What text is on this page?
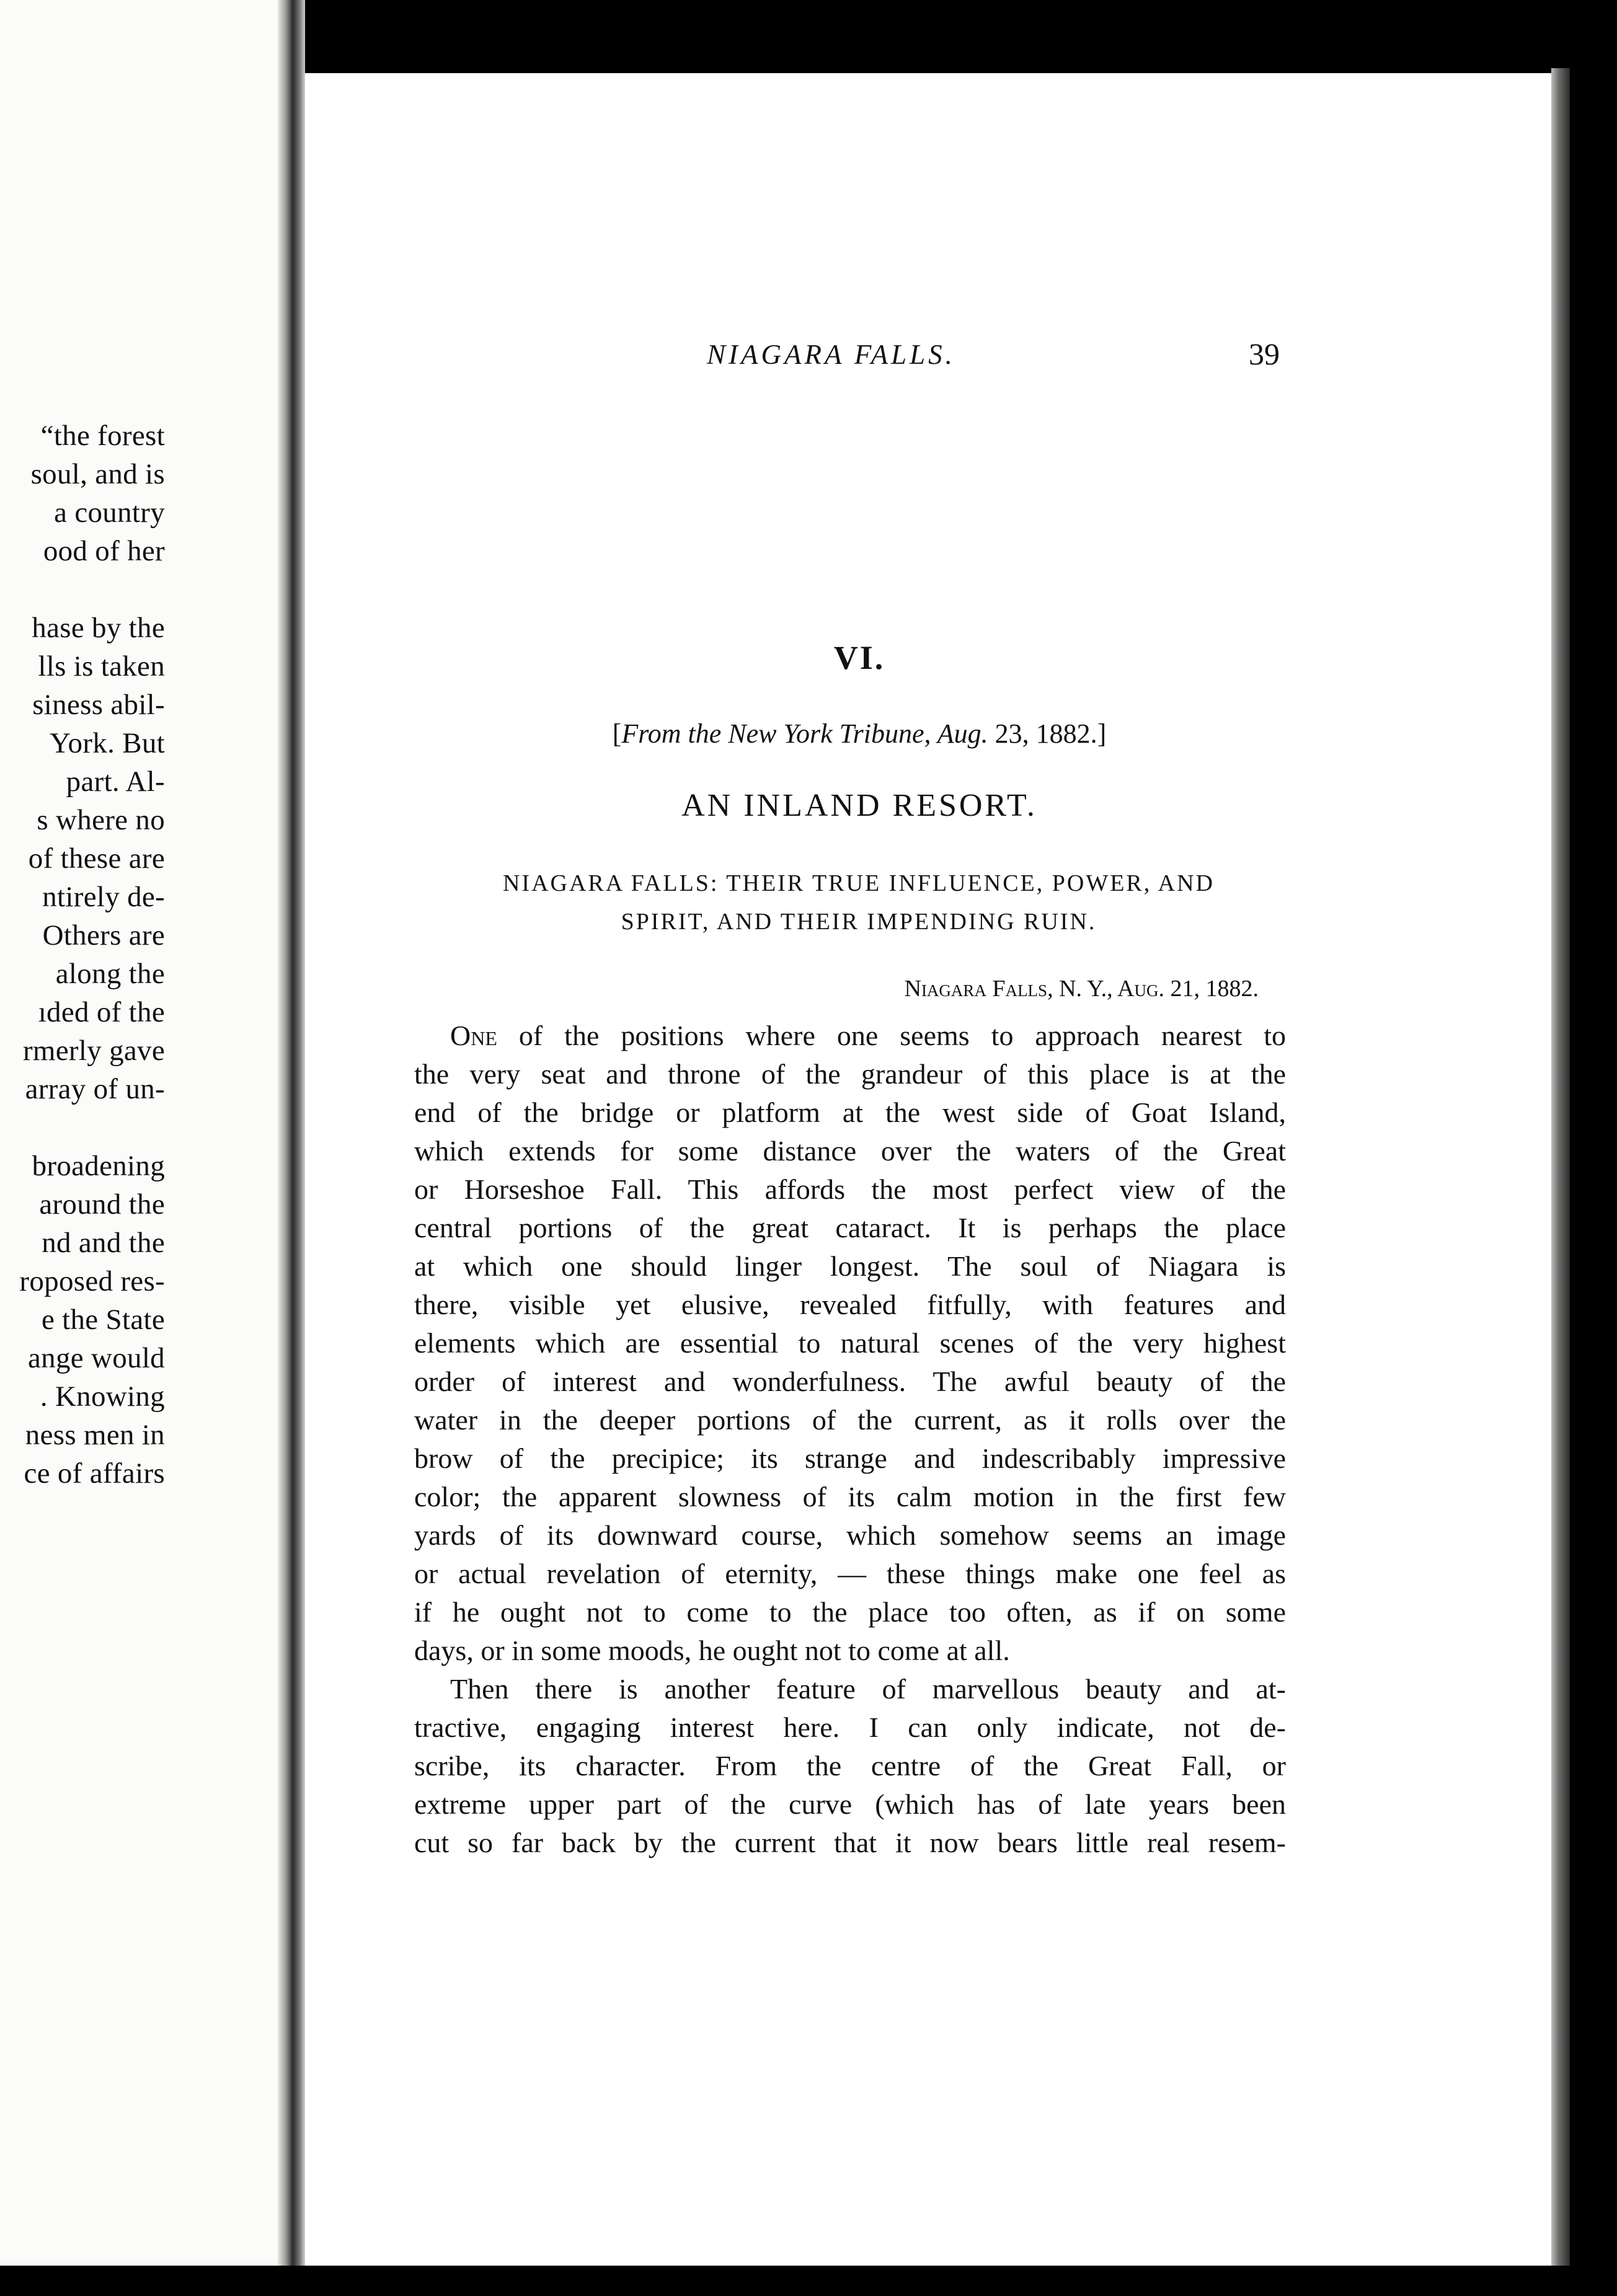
“the forest
soul, and is
a country
ood of her
hase by the
lls is taken
siness abil-
York. But
part. Al-
s where no
of these are
ntirely de-
Others are
along the
ıded of the
rmerly gave
array of un-
broadening
around the
nd and the
roposed res-
e the State
ange would
. Knowing
ness men in
ce of affairs
NIAGARA FALLS.	39
VI.
[From the New York Tribune, Aug. 23, 1882.]
AN INLAND RESORT.
NIAGARA FALLS: THEIR TRUE INFLUENCE, POWER, AND
SPIRIT, AND THEIR IMPENDING RUIN.
Niagara Falls, N. Y., Aug. 21, 1882.
One of the positions where one seems to approach nearest to
the very seat and throne of the grandeur of this place is at the
end of the bridge or platform at the west side of Goat Island,
which extends for some distance over the waters of the Great
or Horseshoe Fall. This affords the most perfect view of the
central portions of the great cataract. It is perhaps the place
at which one should linger longest. The soul of Niagara is
there, visible yet elusive, revealed fitfully, with features and
elements which are essential to natural scenes of the very highest
order of interest and wonderfulness. The awful beauty of the
water in the deeper portions of the current, as it rolls over the
brow of the precipice; its strange and indescribably impressive
color; the apparent slowness of its calm motion in the first few
yards of its downward course, which somehow seems an image
or actual revelation of eternity, — these things make one feel as
if he ought not to come to the place too often, as if on some
days, or in some moods, he ought not to come at all.
Then there is another feature of marvellous beauty and at-
tractive, engaging interest here. I can only indicate, not de-
scribe, its character. From the centre of the Great Fall, or
extreme upper part of the curve (which has of late years been
cut so far back by the current that it now bears little real resem-
